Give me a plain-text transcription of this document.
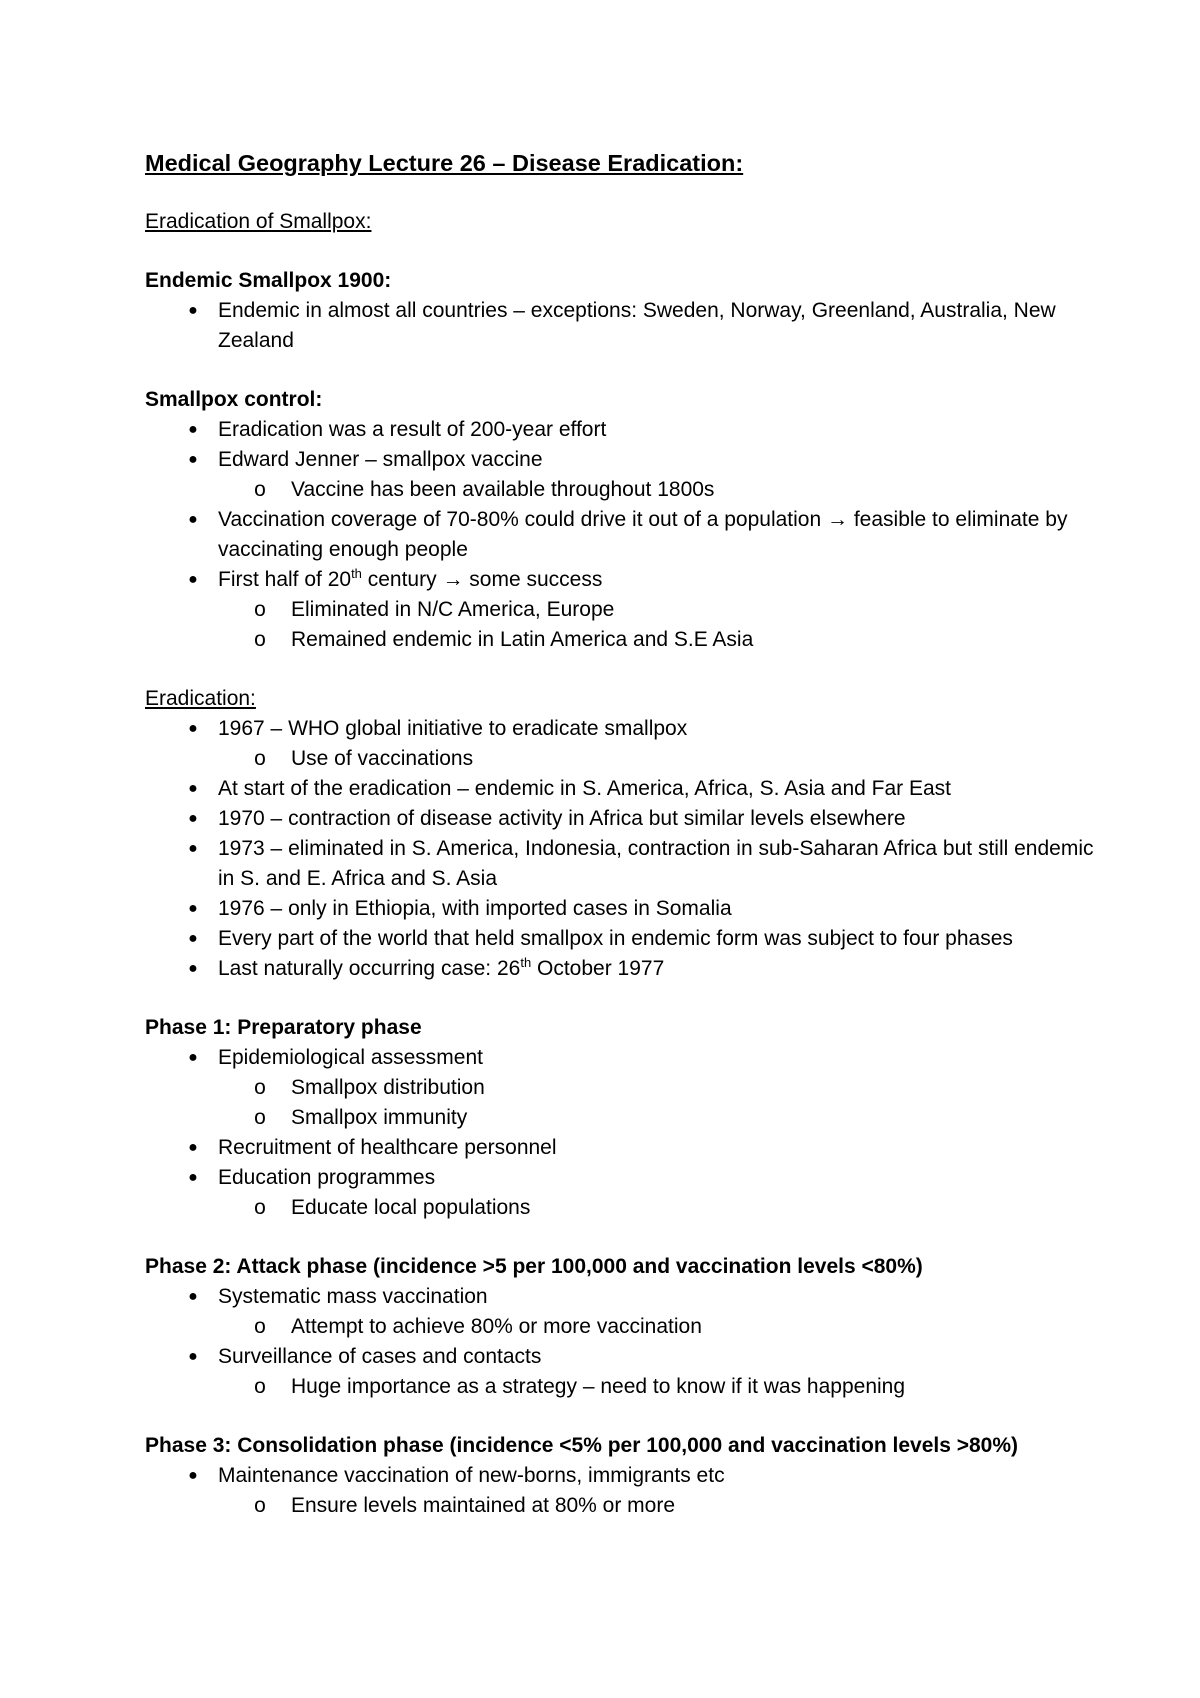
Medical Geography Lecture 26 – Disease Eradication:
Eradication of Smallpox:
Endemic Smallpox 1900:
● Endemic in almost all countries – exceptions: Sweden, Norway, Greenland, Australia, New Zealand
Smallpox control:
● Eradication was a result of 200-year effort
● Edward Jenner – smallpox vaccine
o Vaccine has been available throughout 1800s
● Vaccination coverage of 70-80% could drive it out of a population → feasible to eliminate by vaccinating enough people
● First half of 20th century → some success
o Eliminated in N/C America, Europe
o Remained endemic in Latin America and S.E Asia
Eradication:
● 1967 – WHO global initiative to eradicate smallpox
o Use of vaccinations
● At start of the eradication – endemic in S. America, Africa, S. Asia and Far East
● 1970 – contraction of disease activity in Africa but similar levels elsewhere
● 1973 – eliminated in S. America, Indonesia, contraction in sub-Saharan Africa but still endemic in S. and E. Africa and S. Asia
● 1976 – only in Ethiopia, with imported cases in Somalia
● Every part of the world that held smallpox in endemic form was subject to four phases
● Last naturally occurring case: 26th October 1977
Phase 1: Preparatory phase
● Epidemiological assessment
o Smallpox distribution
o Smallpox immunity
● Recruitment of healthcare personnel
● Education programmes
o Educate local populations
Phase 2: Attack phase (incidence >5 per 100,000 and vaccination levels <80%)
● Systematic mass vaccination
o Attempt to achieve 80% or more vaccination
● Surveillance of cases and contacts
o Huge importance as a strategy – need to know if it was happening
Phase 3: Consolidation phase (incidence <5% per 100,000 and vaccination levels >80%)
● Maintenance vaccination of new-borns, immigrants etc
o Ensure levels maintained at 80% or more
